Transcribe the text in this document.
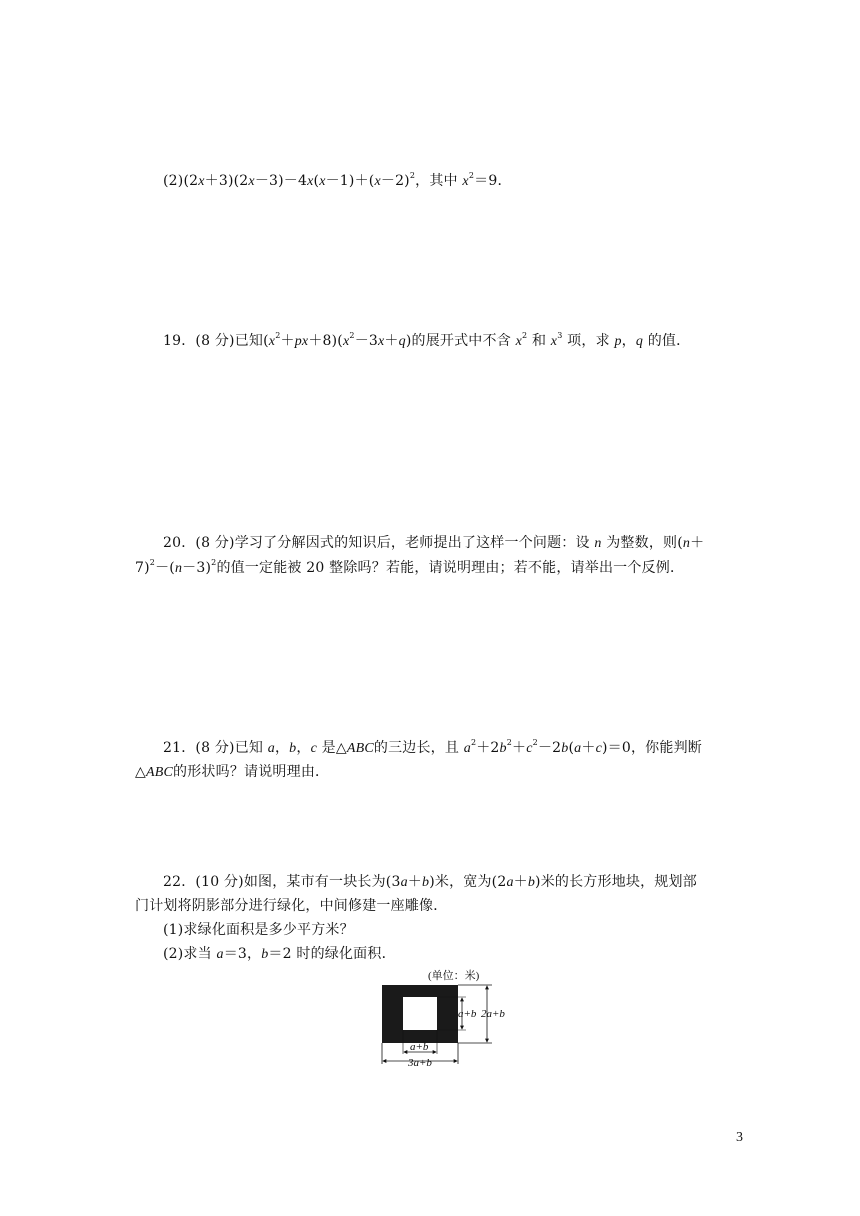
$(2)(2x+3)(2x-3)-4x(x-1)+(x-2)^2$，其中 $x^2=9$．
19．(8 分)已知$(x^2+px+8)(x^2-3x+q)$的展开式中不含 $x^2$ 和 $x^3$ 项，求 p，q 的值．
20．(8 分)学习了分解因式的知识后，老师提出了这样一个问题：设 n 为整数，则(n＋
$7)^2-(n-3)^2$的值一定能被 20 整除吗？若能，请说明理由；若不能，请举出一个反例．
21．(8 分)已知 a，b，c 是△ABC的三边长，且 $a^2+2b^2+c^2-2b(a+c)=0$，你能判断
△ABC的形状吗？请说明理由．
22．(10 分)如图，某市有一块长为(3a＋b)米，宽为(2a＋b)米的长方形地块，规划部
门计划将阴影部分进行绿化，中间修建一座雕像．
(1)求绿化面积是多少平方米？
(2)求当 a＝3，b＝2 时的绿化面积．
(单位：米)
a+b 2a+b
a+b
3a+b
3
